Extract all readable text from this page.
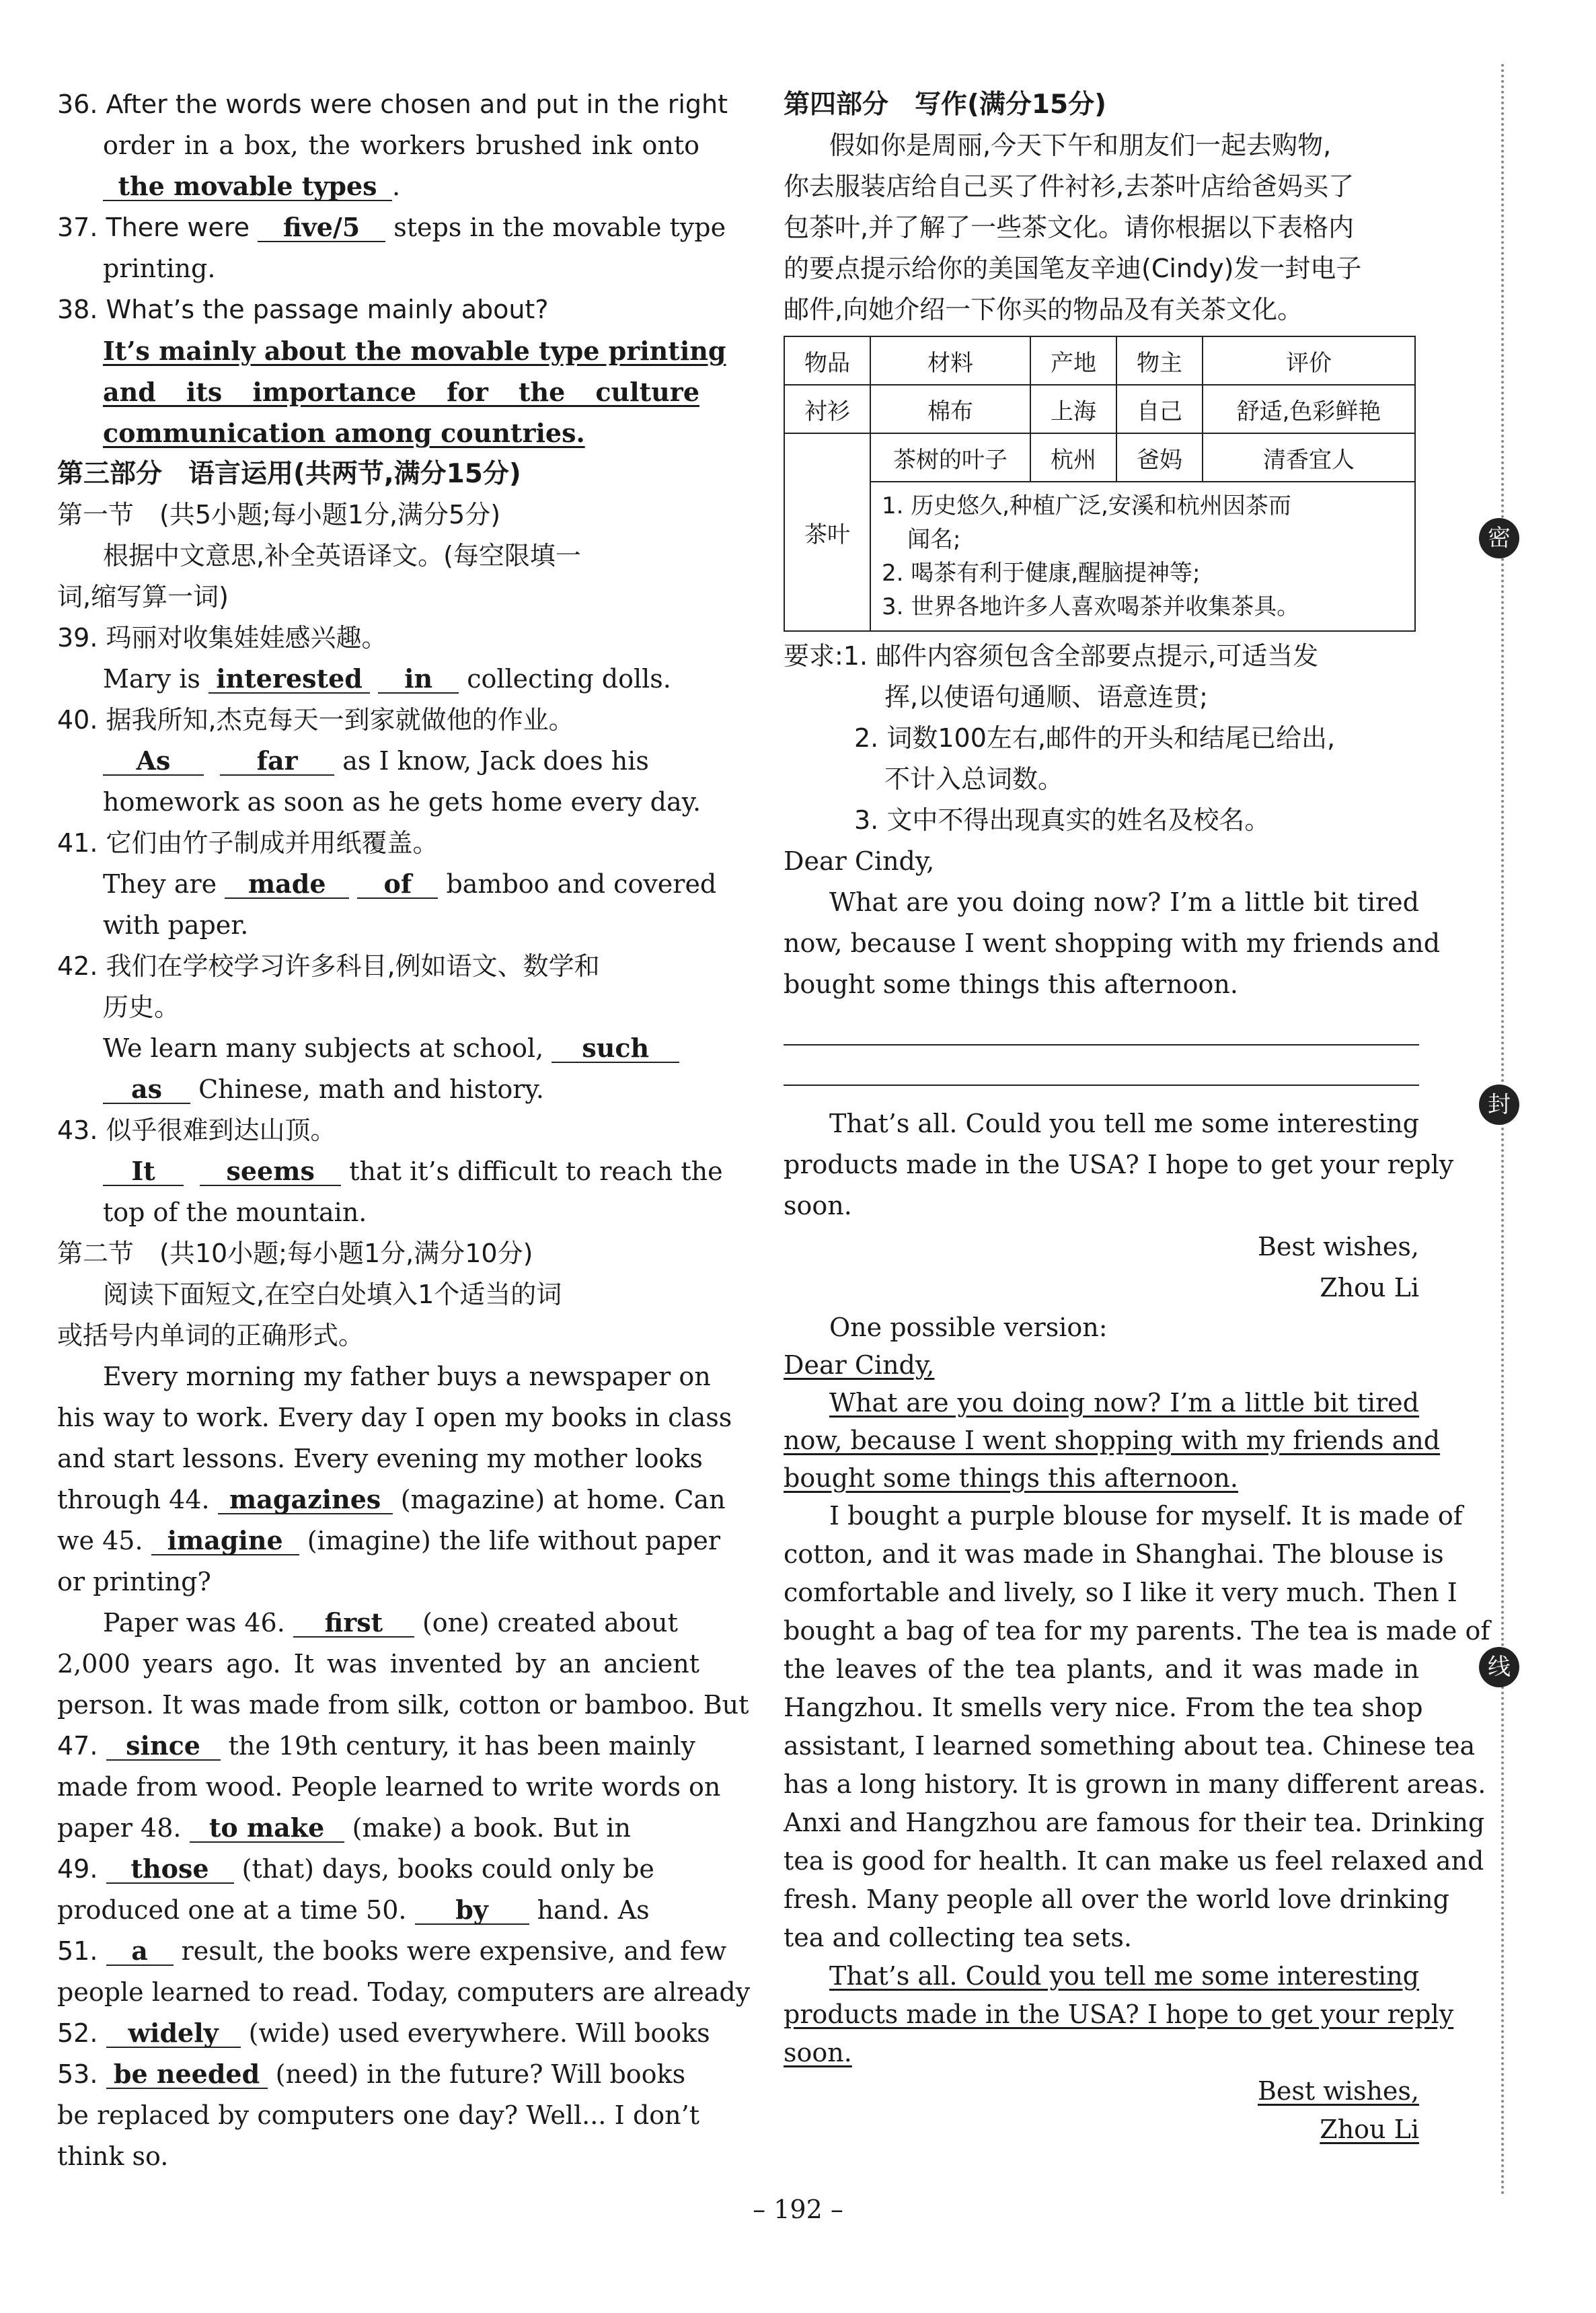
36. After the words were chosen and put in the right
order in a box, the workers brushed ink onto
the movable types .
37. There were five/5 steps in the movable type
printing.
38. What’s the passage mainly about?
It’s mainly about the movable type printing
and its importance for the culture
communication among countries.
第三部分　语言运用(共两节,满分15分)
第一节　(共5小题;每小题1分,满分5分)
根据中文意思,补全英语译文。(每空限填一
词,缩写算一词)
39. 玛丽对收集娃娃感兴趣。
Mary is interested in collecting dolls.
40. 据我所知,杰克每天一到家就做他的作业。
As	far as I know, Jack does his
homework as soon as he gets home every day.
41. 它们由竹子制成并用纸覆盖。
They are made of bamboo and covered
with paper.
42. 我们在学校学习许多科目,例如语文、数学和
历史。
We learn many subjects at school, such
as Chinese, math and history.
43. 似乎很难到达山顶。
It	seems that it’s difficult to reach the
top of the mountain.
第二节　(共10小题;每小题1分,满分10分)
阅读下面短文,在空白处填入1个适当的词
或括号内单词的正确形式。
Every morning my father buys a newspaper on
his way to work. Every day I open my books in class
and start lessons. Every evening my mother looks
through 44. magazines (magazine) at home. Can
we 45. imagine (imagine) the life without paper
or printing?
Paper was 46. first (one) created about
2,000 years ago. It was invented by an ancient
person. It was made from silk, cotton or bamboo. But
47. since the 19th century, it has been mainly
made from wood. People learned to write words on
paper 48. to make (make) a book. But in
49. those (that) days, books could only be
produced one at a time 50. by hand. As
51. a result, the books were expensive, and few
people learned to read. Today, computers are already
52. widely (wide) used everywhere. Will books
53. be needed (need) in the future? Will books
be replaced by computers one day? Well... I don’t
think so.
第四部分　写作(满分15分)
假如你是周丽,今天下午和朋友们一起去购物,
你去服装店给自己买了件衬衫,去茶叶店给爸妈买了
包茶叶,并了解了一些茶文化。请你根据以下表格内
的要点提示给你的美国笔友辛迪(Cindy)发一封电子
邮件,向她介绍一下你买的物品及有关茶文化。
物品	材料	产地	物主	评价
衬衫	棉布	上海	自己	舒适,色彩鲜艳
茶叶	茶树的叶子	杭州	爸妈	清香宜人

	1. 历史悠久,种植广泛,安溪和杭州因茶而
闻名;
2. 喝茶有利于健康,醒脑提神等;
3. 世界各地许多人喜欢喝茶并收集茶具。			
要求:1. 邮件内容须包含全部要点提示,可适当发
挥,以使语句通顺、语意连贯;
2. 词数100左右,邮件的开头和结尾已给出,
不计入总词数。
3. 文中不得出现真实的姓名及校名。
Dear Cindy,
What are you doing now? I’m a little bit tired
now, because I went shopping with my friends and
bought some things this afternoon.
That’s all. Could you tell me some interesting
products made in the USA? I hope to get your reply
soon.
Best wishes,
Zhou Li
One possible version:
Dear Cindy,
What are you doing now? I’m a little bit tired
now, because I went shopping with my friends and
bought some things this afternoon.
I bought a purple blouse for myself. It is made of
cotton, and it was made in Shanghai. The blouse is
comfortable and lively, so I like it very much. Then I
bought a bag of tea for my parents. The tea is made of
the leaves of the tea plants, and it was made in
Hangzhou. It smells very nice. From the tea shop
assistant, I learned something about tea. Chinese tea
has a long history. It is grown in many different areas.
Anxi and Hangzhou are famous for their tea. Drinking
tea is good for health. It can make us feel relaxed and
fresh. Many people all over the world love drinking
tea and collecting tea sets.
That’s all. Could you tell me some interesting
products made in the USA? I hope to get your reply
soon.
Best wishes,
Zhou Li
密
封
线
– 192 –
